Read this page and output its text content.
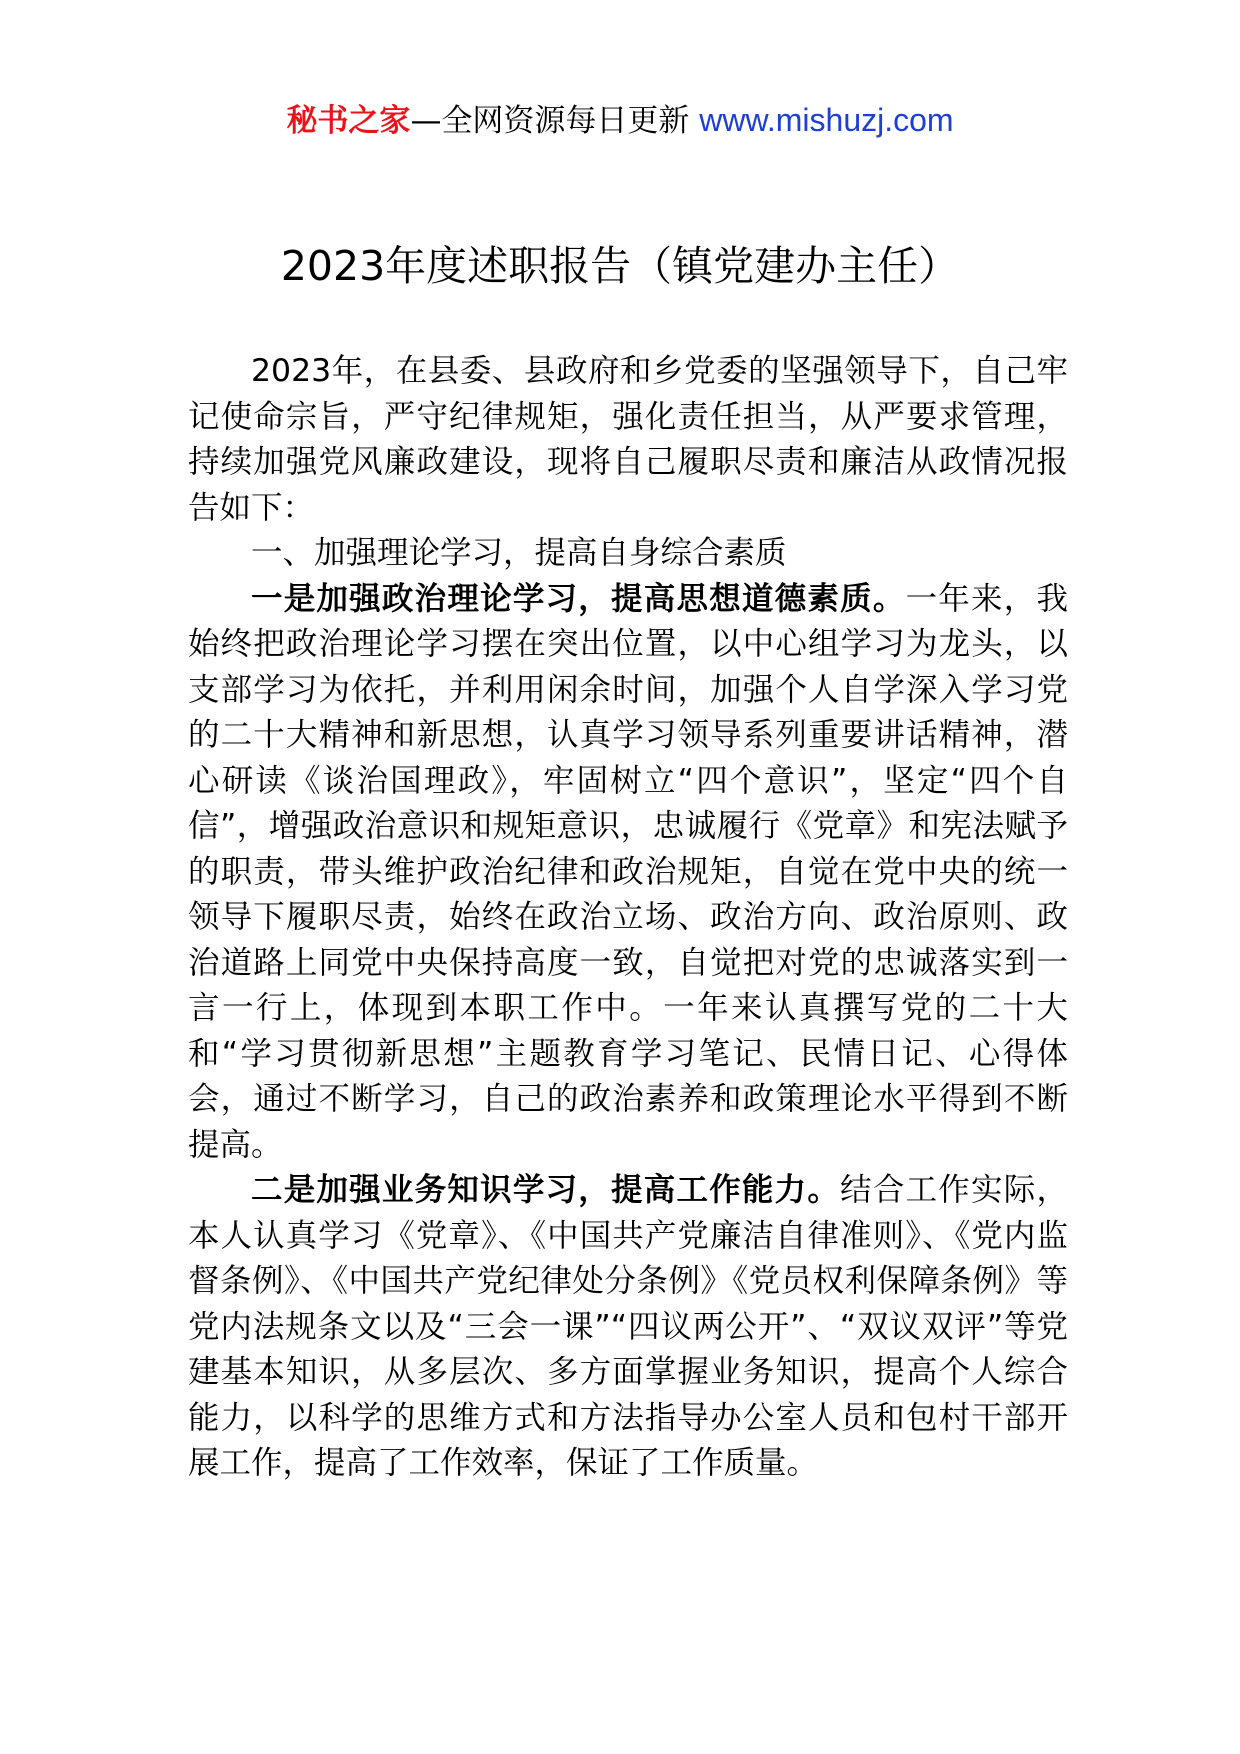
秘书之家—全网资源每日更新 www.mishuzj.com
2023年度述职报告（镇党建办主任）

2023年，在县委、县政府和乡党委的坚强领导下，自己牢记使命宗旨，严守纪律规矩，强化责任担当，从严要求管理，持续加强党风廉政建设，现将自己履职尽责和廉洁从政情况报告如下：

一、加强理论学习，提高自身综合素质

一是加强政治理论学习，提高思想道德素质。一年来，我始终把政治理论学习摆在突出位置，以中心组学习为龙头，以支部学习为依托，并利用闲余时间，加强个人自学深入学习党的二十大精神和新思想，认真学习领导系列重要讲话精神，潜心研读《谈治国理政》，牢固树立“四个意识”，坚定“四个自信”，增强政治意识和规矩意识，忠诚履行《党章》和宪法赋予的职责，带头维护政治纪律和政治规矩，自觉在党中央的统一领导下履职尽责，始终在政治立场、政治方向、政治原则、政治道路上同党中央保持高度一致，自觉把对党的忠诚落实到一言一行上，体现到本职工作中。一年来认真撰写党的二十大和“学习贯彻新思想”主题教育学习笔记、民情日记、心得体会，通过不断学习，自己的政治素养和政策理论水平得到不断提高。

二是加强业务知识学习，提高工作能力。结合工作实际，本人认真学习《党章》、《中国共产党廉洁自律准则》、《党内监督条例》、《中国共产党纪律处分条例》《党员权利保障条例》等党内法规条文以及“三会一课”“四议两公开”、“双议双评”等党建基本知识，从多层次、多方面掌握业务知识，提高个人综合能力，以科学的思维方式和方法指导办公室人员和包村干部开展工作，提高了工作效率，保证了工作质量。
